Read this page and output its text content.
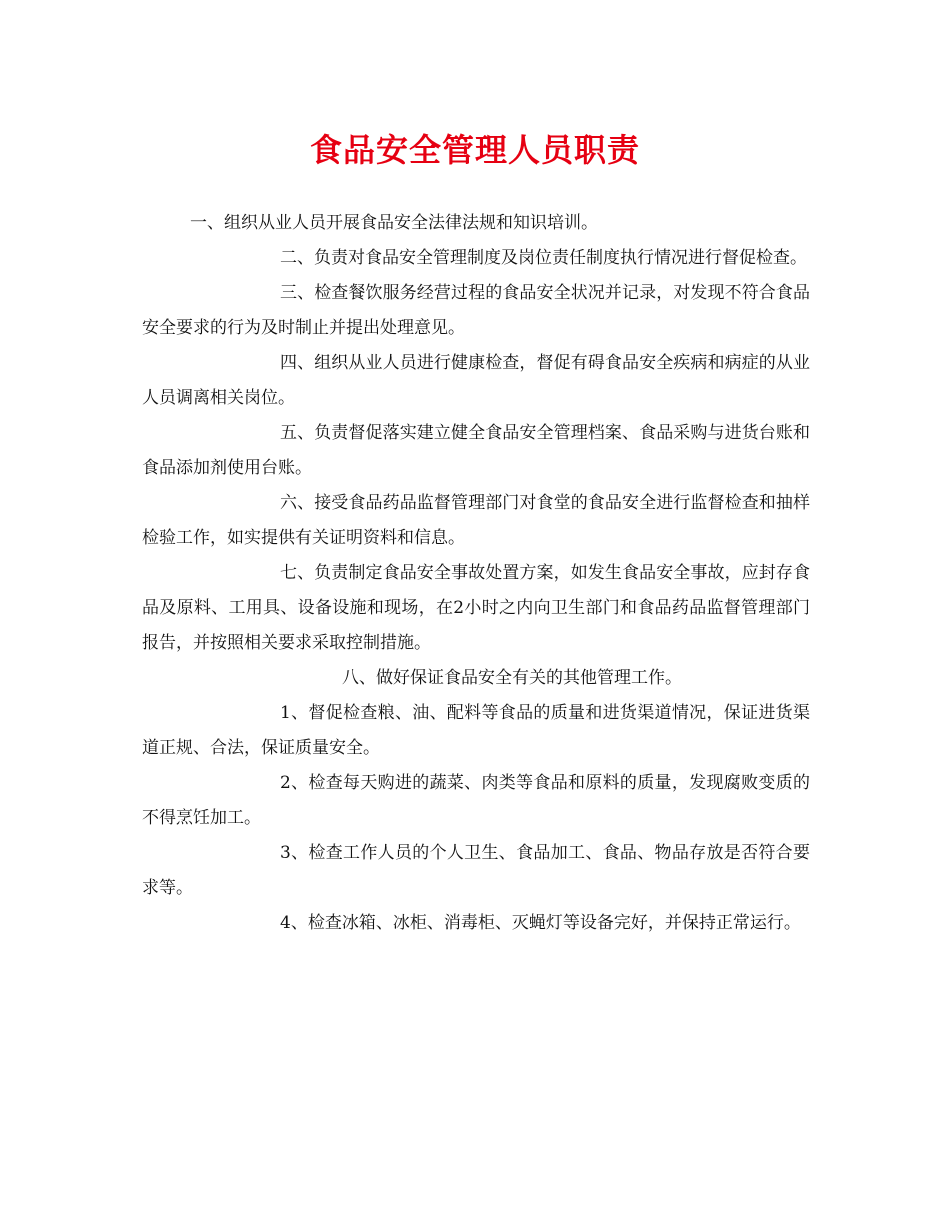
食品安全管理人员职责

一、组织从业人员开展食品安全法律法规和知识培训。

二、负责对食品安全管理制度及岗位责任制度执行情况进行督促检查。

三、检查餐饮服务经营过程的食品安全状况并记录，对发现不符合食品安全要求的行为及时制止并提出处理意见。

四、组织从业人员进行健康检查，督促有碍食品安全疾病和病症的从业人员调离相关岗位。

五、负责督促落实建立健全食品安全管理档案、食品采购与进货台账和食品添加剂使用台账。

六、接受食品药品监督管理部门对食堂的食品安全进行监督检查和抽样检验工作，如实提供有关证明资料和信息。

七、负责制定食品安全事故处置方案，如发生食品安全事故，应封存食品及原料、工用具、设备设施和现场，在2小时之内向卫生部门和食品药品监督管理部门报告，并按照相关要求采取控制措施。

八、做好保证食品安全有关的其他管理工作。

1、督促检查粮、油、配料等食品的质量和进货渠道情况，保证进货渠道正规、合法，保证质量安全。

2、检查每天购进的蔬菜、肉类等食品和原料的质量，发现腐败变质的不得烹饪加工。

3、检查工作人员的个人卫生、食品加工、食品、物品存放是否符合要求等。

4、检查冰箱、冰柜、消毒柜、灭蝇灯等设备完好，并保持正常运行。
